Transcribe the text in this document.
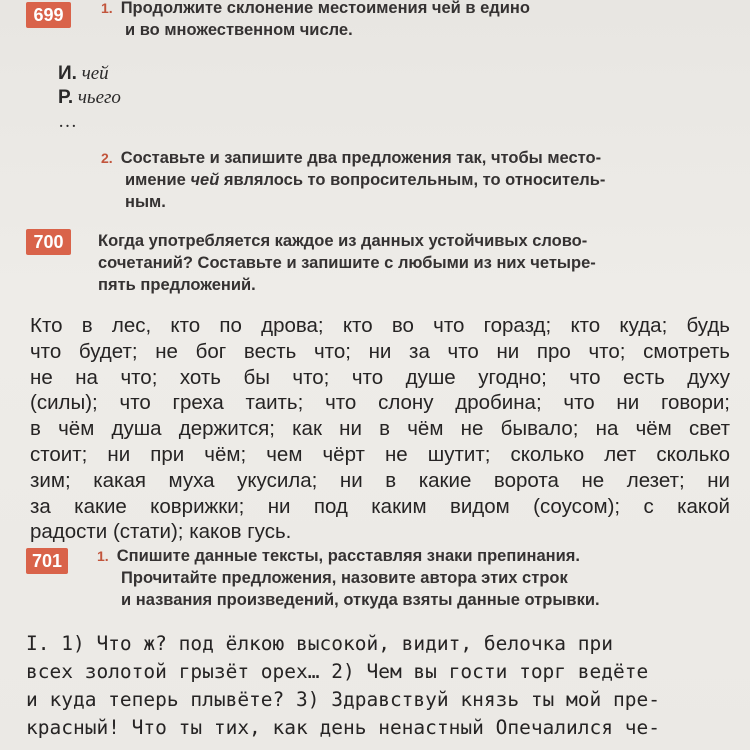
699	1. Продолжите склонение местоимения чей в едино
и во множественном числе.
И. чей
Р. чьего
…
2. Составьте и запишите два предложения так, чтобы место-
имение чей являлось то вопросительным, то относитель-
ным.
700	Когда употребляется каждое из данных устойчивых слово-
сочетаний? Составьте и запишите с любыми из них четыре-
пять предложений.
Кто в лес, кто по дрова; кто во что горазд; кто куда; будь
что будет; не бог весть что; ни за что ни про что; смотреть
не на что; хоть бы что; что душе угодно; что есть духу
(силы); что греха таить; что слону дробина; что ни говори;
в чём душа держится; как ни в чём не бывало; на чём свет
стоит; ни при чём; чем чёрт не шутит; сколько лет сколько
зим; какая муха укусила; ни в какие ворота не лезет; ни
за какие коврижки; ни под каким видом (соусом); с какой
радости (стати); каков гусь.
701	1. Спишите данные тексты, расставляя знаки препинания.
Прочитайте предложения, назовите автора этих строк
и названия произведений, откуда взяты данные отрывки.
I. 1) Что ж? под ёлкою высокой, видит, белочка при
всех золотой грызёт орех… 2) Чем вы гости торг ведёте
и куда теперь плывёте? 3) Здравствуй князь ты мой пре-
красный! Что ты тих, как день ненастный Опечалился че-
